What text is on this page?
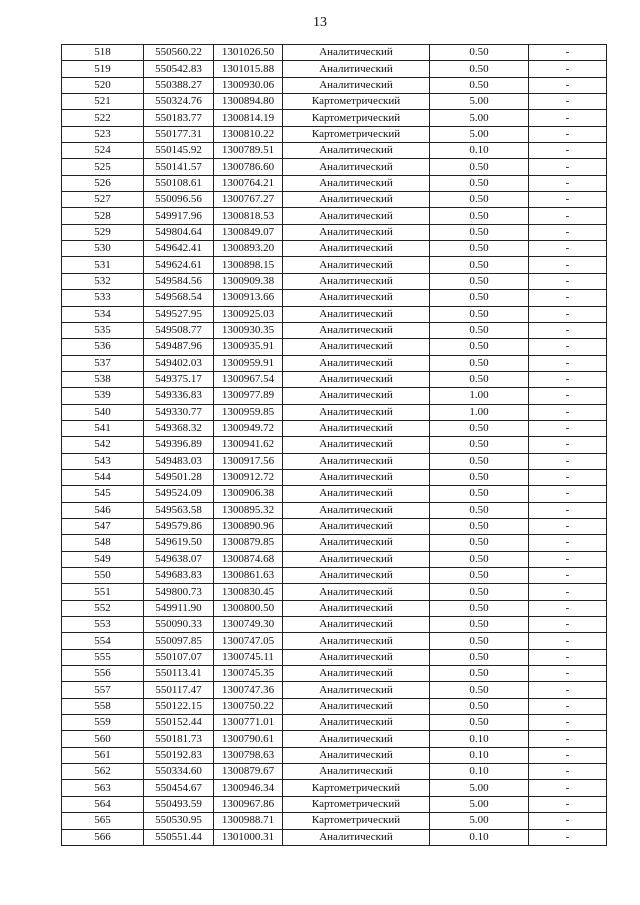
13
518	550560.22	1301026.50	Аналитический	0.50	-
519	550542.83	1301015.88	Аналитический	0.50	-
520	550388.27	1300930.06	Аналитический	0.50	-
521	550324.76	1300894.80	Картометрический	5.00	-
522	550183.77	1300814.19	Картометрический	5.00	-
523	550177.31	1300810.22	Картометрический	5.00	-
524	550145.92	1300789.51	Аналитический	0.10	-
525	550141.57	1300786.60	Аналитический	0.50	-
526	550108.61	1300764.21	Аналитический	0.50	-
527	550096.56	1300767.27	Аналитический	0.50	-
528	549917.96	1300818.53	Аналитический	0.50	-
529	549804.64	1300849.07	Аналитический	0.50	-
530	549642.41	1300893.20	Аналитический	0.50	-
531	549624.61	1300898.15	Аналитический	0.50	-
532	549584.56	1300909.38	Аналитический	0.50	-
533	549568.54	1300913.66	Аналитический	0.50	-
534	549527.95	1300925.03	Аналитический	0.50	-
535	549508.77	1300930.35	Аналитический	0.50	-
536	549487.96	1300935.91	Аналитический	0.50	-
537	549402.03	1300959.91	Аналитический	0.50	-
538	549375.17	1300967.54	Аналитический	0.50	-
539	549336.83	1300977.89	Аналитический	1.00	-
540	549330.77	1300959.85	Аналитический	1.00	-
541	549368.32	1300949.72	Аналитический	0.50	-
542	549396.89	1300941.62	Аналитический	0.50	-
543	549483.03	1300917.56	Аналитический	0.50	-
544	549501.28	1300912.72	Аналитический	0.50	-
545	549524.09	1300906.38	Аналитический	0.50	-
546	549563.58	1300895.32	Аналитический	0.50	-
547	549579.86	1300890.96	Аналитический	0.50	-
548	549619.50	1300879.85	Аналитический	0.50	-
549	549638.07	1300874.68	Аналитический	0.50	-
550	549683.83	1300861.63	Аналитический	0.50	-
551	549800.73	1300830.45	Аналитический	0.50	-
552	549911.90	1300800.50	Аналитический	0.50	-
553	550090.33	1300749.30	Аналитический	0.50	-
554	550097.85	1300747.05	Аналитический	0.50	-
555	550107.07	1300745.11	Аналитический	0.50	-
556	550113.41	1300745.35	Аналитический	0.50	-
557	550117.47	1300747.36	Аналитический	0.50	-
558	550122.15	1300750.22	Аналитический	0.50	-
559	550152.44	1300771.01	Аналитический	0.50	-
560	550181.73	1300790.61	Аналитический	0.10	-
561	550192.83	1300798.63	Аналитический	0.10	-
562	550334.60	1300879.67	Аналитический	0.10	-
563	550454.67	1300946.34	Картометрический	5.00	-
564	550493.59	1300967.86	Картометрический	5.00	-
565	550530.95	1300988.71	Картометрический	5.00	-
566	550551.44	1301000.31	Аналитический	0.10	-
